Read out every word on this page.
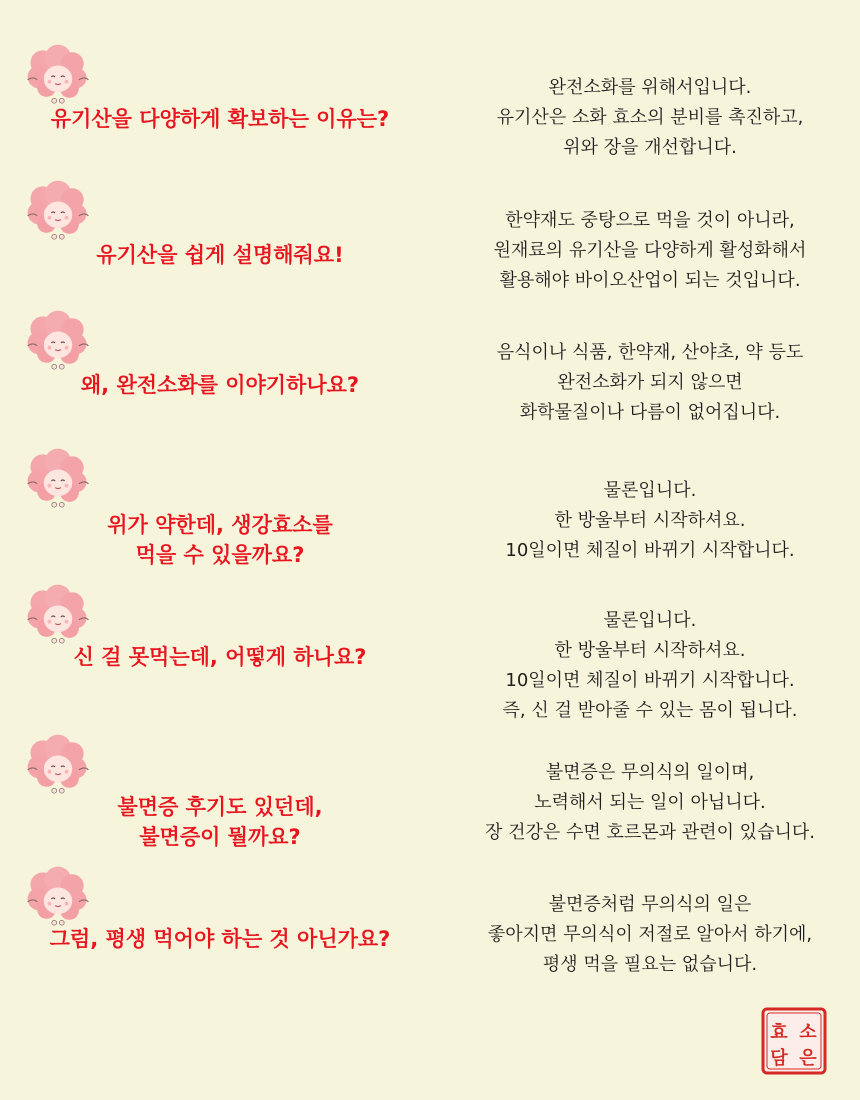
유기산을 다양하게 확보하는 이유는?
완전소화를 위해서입니다.
유기산은 소화 효소의 분비를 촉진하고,
위와 장을 개선합니다.
유기산을 쉽게 설명해줘요!
한약재도 중탕으로 먹을 것이 아니라,
원재료의 유기산을 다양하게 활성화해서
활용해야 바이오산업이 되는 것입니다.
왜, 완전소화를 이야기하나요?
음식이나 식품, 한약재, 산야초, 약 등도
완전소화가 되지 않으면
화학물질이나 다름이 없어집니다.
위가 약한데, 생강효소를
먹을 수 있을까요?
물론입니다.
한 방울부터 시작하셔요.
10일이면 체질이 바뀌기 시작합니다.
신 걸 못먹는데, 어떻게 하나요?
물론입니다.
한 방울부터 시작하셔요.
10일이면 체질이 바뀌기 시작합니다.
즉, 신 걸 받아줄 수 있는 몸이 됩니다.
불면증 후기도 있던데,
불면증이 뭘까요?
불면증은 무의식의 일이며,
노력해서 되는 일이 아닙니다.
장 건강은 수면 호르몬과 관련이 있습니다.
그럼, 평생 먹어야 하는 것 아닌가요?
불면증처럼 무의식의 일은
좋아지면 무의식이 저절로 알아서 하기에,
평생 먹을 필요는 없습니다.
효 소
담 은
